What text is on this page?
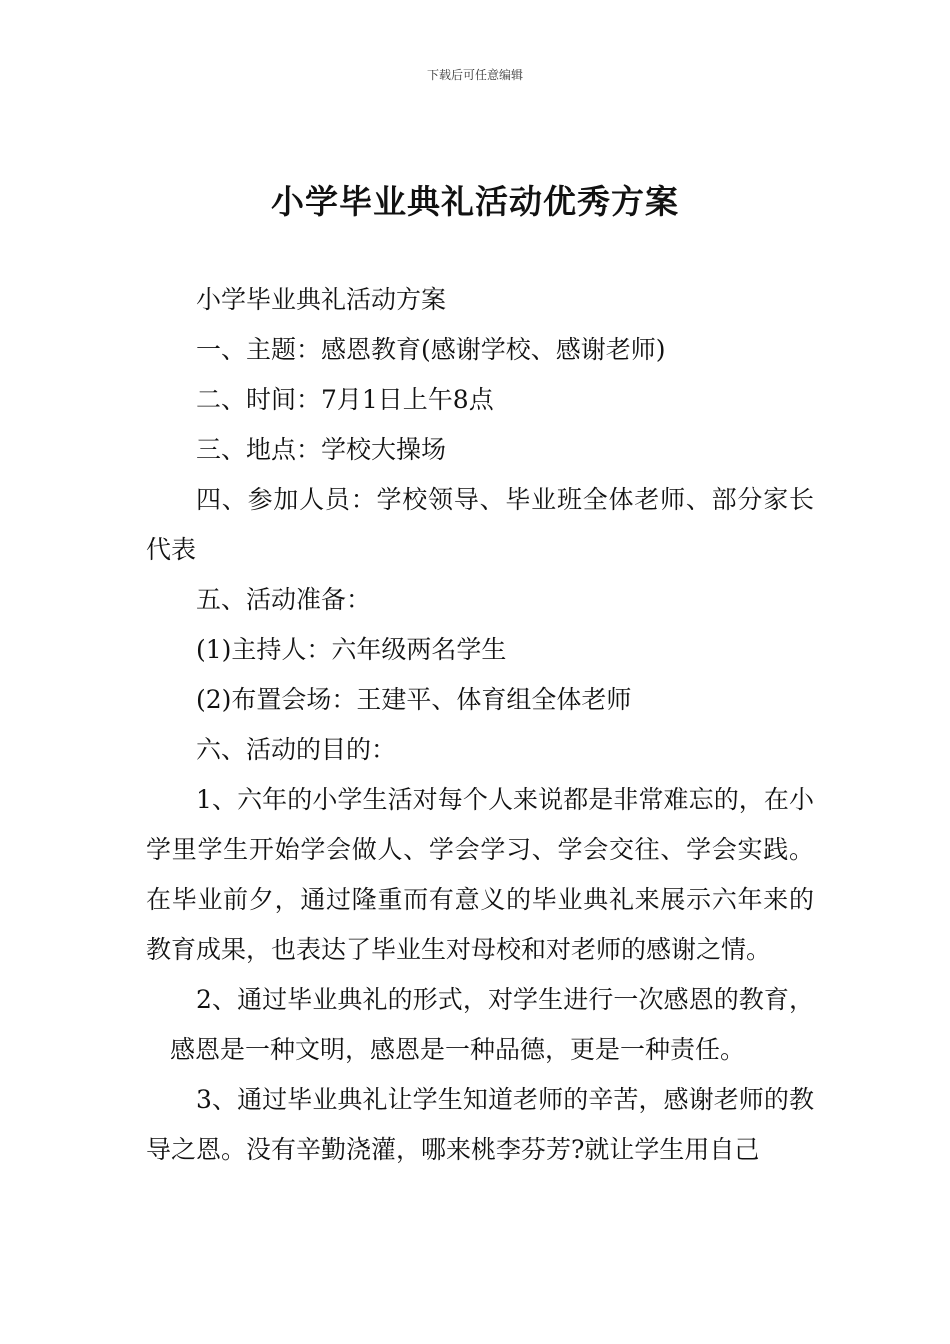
下载后可任意编辑
小学毕业典礼活动优秀方案

小学毕业典礼活动方案

一、主题：感恩教育(感谢学校、感谢老师)

二、时间：7月1日上午8点

三、地点：学校大操场

四、参加人员：学校领导、毕业班全体老师、部分家长代表

五、活动准备：

(1)主持人：六年级两名学生

(2)布置会场：王建平、体育组全体老师

六、活动的目的：

1、六年的小学生活对每个人来说都是非常难忘的，在小学里学生开始学会做人、学会学习、学会交往、学会实践。在毕业前夕，通过隆重而有意义的毕业典礼来展示六年来的教育成果，也表达了毕业生对母校和对老师的感谢之情。

2、通过毕业典礼的形式，对学生进行一次感恩的教育，感恩是一种文明，感恩是一种品德，更是一种责任。

3、通过毕业典礼让学生知道老师的辛苦，感谢老师的教导之恩。没有辛勤浇灌，哪来桃李芬芳?就让学生用自己
